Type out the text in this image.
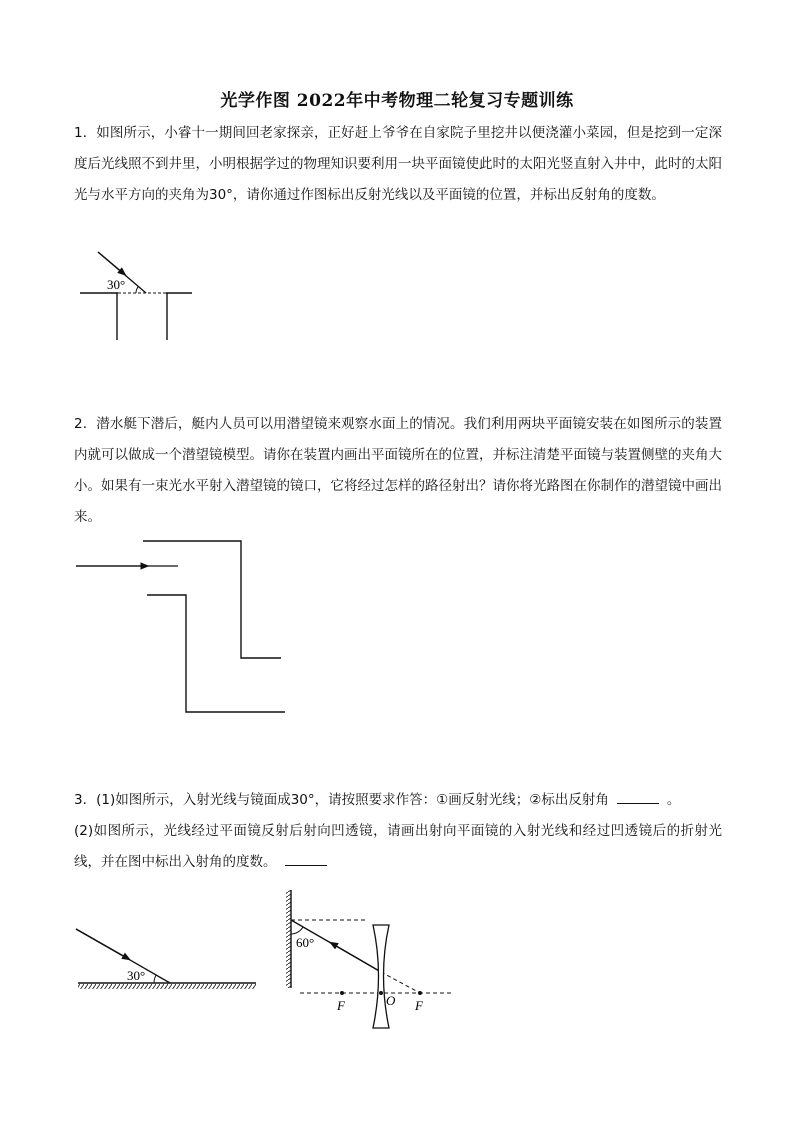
光学作图 2022年中考物理二轮复习专题训练

1．如图所示，小睿十一期间回老家探亲，正好赶上爷爷在自家院子里挖井以便浇灌小菜园，但是挖到一定深度后光线照不到井里，小明根据学过的物理知识要利用一块平面镜使此时的太阳光竖直射入井中，此时的太阳光与水平方向的夹角为30°，请你通过作图标出反射光线以及平面镜的位置，并标出反射角的度数。

30°

2．潜水艇下潜后，艇内人员可以用潜望镜来观察水面上的情况。我们利用两块平面镜安装在如图所示的装置内就可以做成一个潜望镜模型。请你在装置内画出平面镜所在的位置，并标注清楚平面镜与装置侧壁的夹角大小。如果有一束光水平射入潜望镜的镜口，它将经过怎样的路径射出？请你将光路图在你制作的潜望镜中画出来。

3．(1)如图所示，入射光线与镜面成30°，请按照要求作答：①画反射光线；②标出反射角	。

(2)如图所示，光线经过平面镜反射后射向凹透镜，请画出射向平面镜的入射光线和经过凹透镜后的折射光线，并在图中标出入射角的度数。

30°
60°
F	O F
